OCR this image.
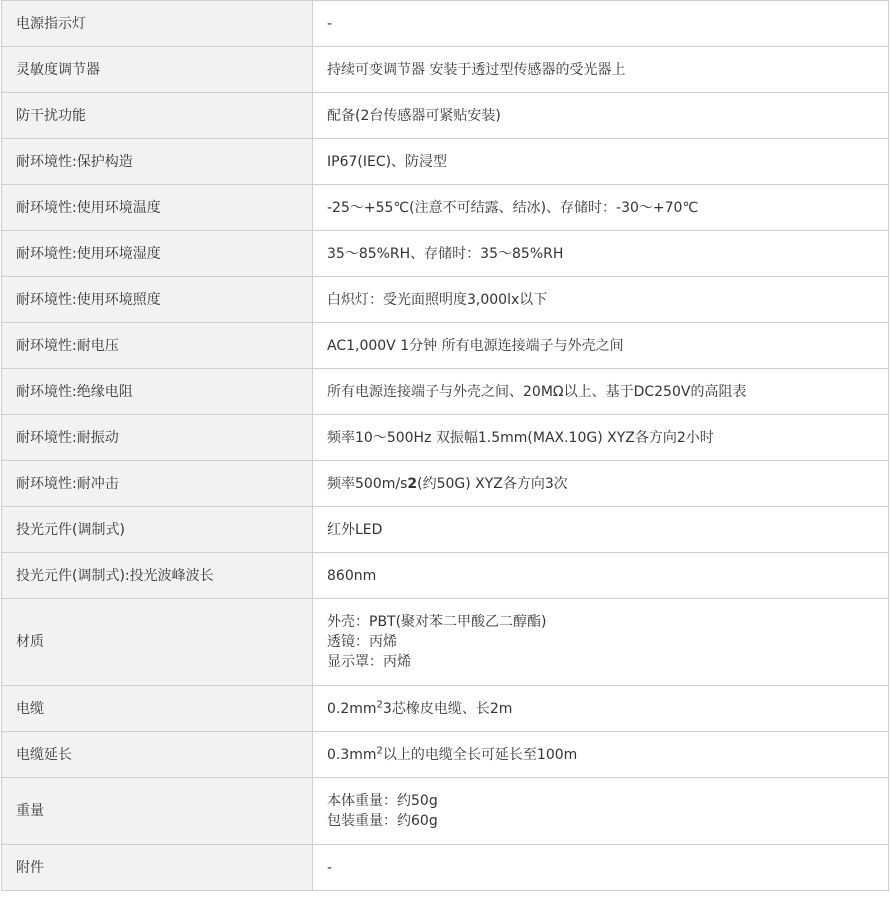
电源指示灯	-

灵敏度调节器	持续可变调节器 安装于透过型传感器的受光器上

防干扰功能	配备(2台传感器可紧贴安装)

耐环境性:保护构造	IP67(IEC)、防浸型

耐环境性:使用环境温度	-25～+55℃(注意不可结露、结冰)、存储时：-30～+70℃

耐环境性:使用环境湿度	35～85%RH、存储时：35～85%RH

耐环境性:使用环境照度	白炽灯：受光面照明度3,000lx以下

耐环境性:耐电压	AC1,000V 1分钟 所有电源连接端子与外壳之间

耐环境性:绝缘电阻	所有电源连接端子与外壳之间、20MΩ以上、基于DC250V的高阻表

耐环境性:耐振动	频率10～500Hz 双振幅1.5mm(MAX.10G) XYZ各方向2小时

耐环境性:耐冲击	频率500m/s2(约50G) XYZ各方向3次

投光元件(调制式)	红外LED

投光元件(调制式):投光波峰波长	860nm

材质	外壳：PBT(聚对苯二甲酸乙二醇酯)
透镜：丙烯
显示罩：丙烯

电缆	$0.2mm^23$芯橡皮电缆、长2m

电缆延长	$0.3mm^2$以上的电缆全长可延长至100m

重量	本体重量：约50g
包装重量：约60g

附件	-
